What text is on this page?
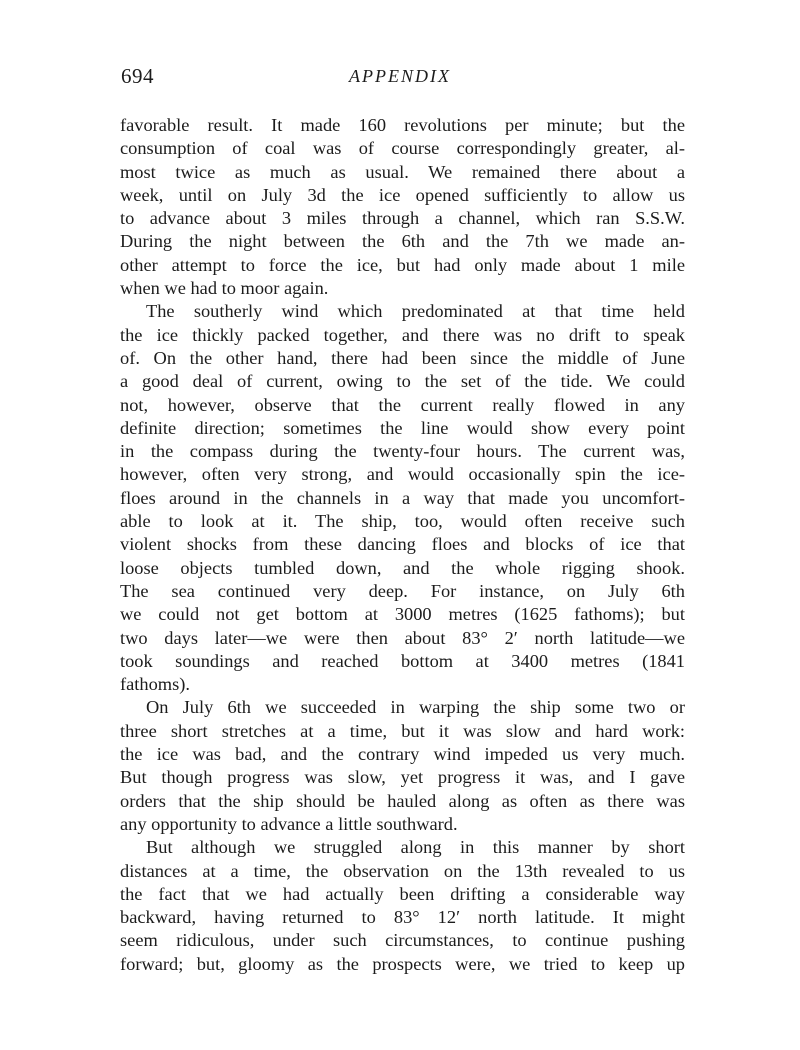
694	APPENDIX
favorable result. It made 160 revolutions per minute; but the
consumption of coal was of course correspondingly greater, al-
most twice as much as usual. We remained there about a
week, until on July 3d the ice opened sufficiently to allow us
to advance about 3 miles through a channel, which ran S.S.W.
During the night between the 6th and the 7th we made an-
other attempt to force the ice, but had only made about 1 mile
when we had to moor again.
The southerly wind which predominated at that time held
the ice thickly packed together, and there was no drift to speak
of. On the other hand, there had been since the middle of June
a good deal of current, owing to the set of the tide. We could
not, however, observe that the current really flowed in any
definite direction; sometimes the line would show every point
in the compass during the twenty-four hours. The current was,
however, often very strong, and would occasionally spin the ice-
floes around in the channels in a way that made you uncomfort-
able to look at it. The ship, too, would often receive such
violent shocks from these dancing floes and blocks of ice that
loose objects tumbled down, and the whole rigging shook.
The sea continued very deep. For instance, on July 6th
we could not get bottom at 3000 metres (1625 fathoms); but
two days later—we were then about 83° 2′ north latitude—we
took soundings and reached bottom at 3400 metres (1841
fathoms).
On July 6th we succeeded in warping the ship some two or
three short stretches at a time, but it was slow and hard work:
the ice was bad, and the contrary wind impeded us very much.
But though progress was slow, yet progress it was, and I gave
orders that the ship should be hauled along as often as there was
any opportunity to advance a little southward.
But although we struggled along in this manner by short
distances at a time, the observation on the 13th revealed to us
the fact that we had actually been drifting a considerable way
backward, having returned to 83° 12′ north latitude. It might
seem ridiculous, under such circumstances, to continue pushing
forward; but, gloomy as the prospects were, we tried to keep up
